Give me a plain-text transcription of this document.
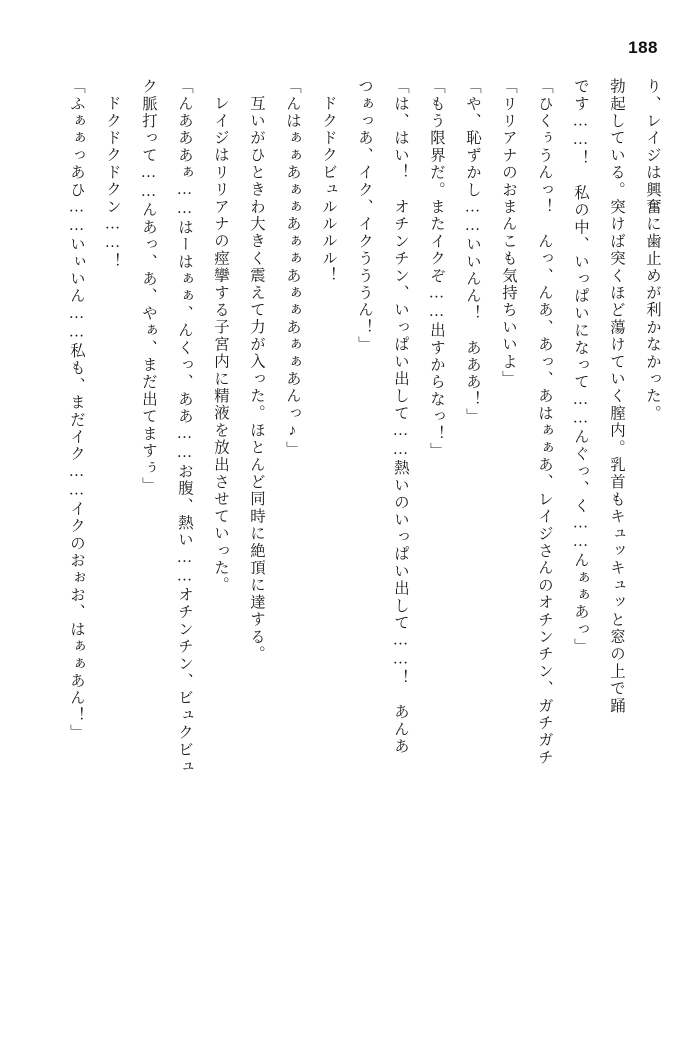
188
り、レイジは興奮に歯止めが利かなかった。
勃起している。突けば突くほど蕩けていく膣内。乳首もキュッキュッと窓の上で踊
です……！　私の中、いっぱいになって……んぐっ、く……んぁぁあっ」
「ひくぅうんっ！　んっ、んあ、あっ、あはぁぁあ、レイジさんのオチンチン、ガチガチ
「リリアナのおまんこも気持ちいいよ」
「や、恥ずかし……いいんん！　あああ！」
「もう限界だ。またイクぞ……出すからなっ！」
「は、はい！　オチンチン、いっぱい出して……熱いのいっぱい出して……！　あんあ
つぁっあ、イク、イクうううん！」
ドクドクビュルルルル！
「んはぁぁあぁぁあぁぁあぁぁあぁぁあんっ♪」
互いがひときわ大きく震えて力が入った。ほとんど同時に絶頂に達する。
レイジはリリアナの痙攣する子宮内に精液を放出させていった。
「んあああぁ……はーはぁぁ、んくっ、ああ……お腹、熱い……オチンチン、ビュクビュ
ク脈打って……んあっ、あ、やぁ、まだ出てますぅ」
ドクドクドクン……！
「ふぁぁっあひ……いぃいん……私も、まだイク……イクのおぉお、はぁぁあん！」
